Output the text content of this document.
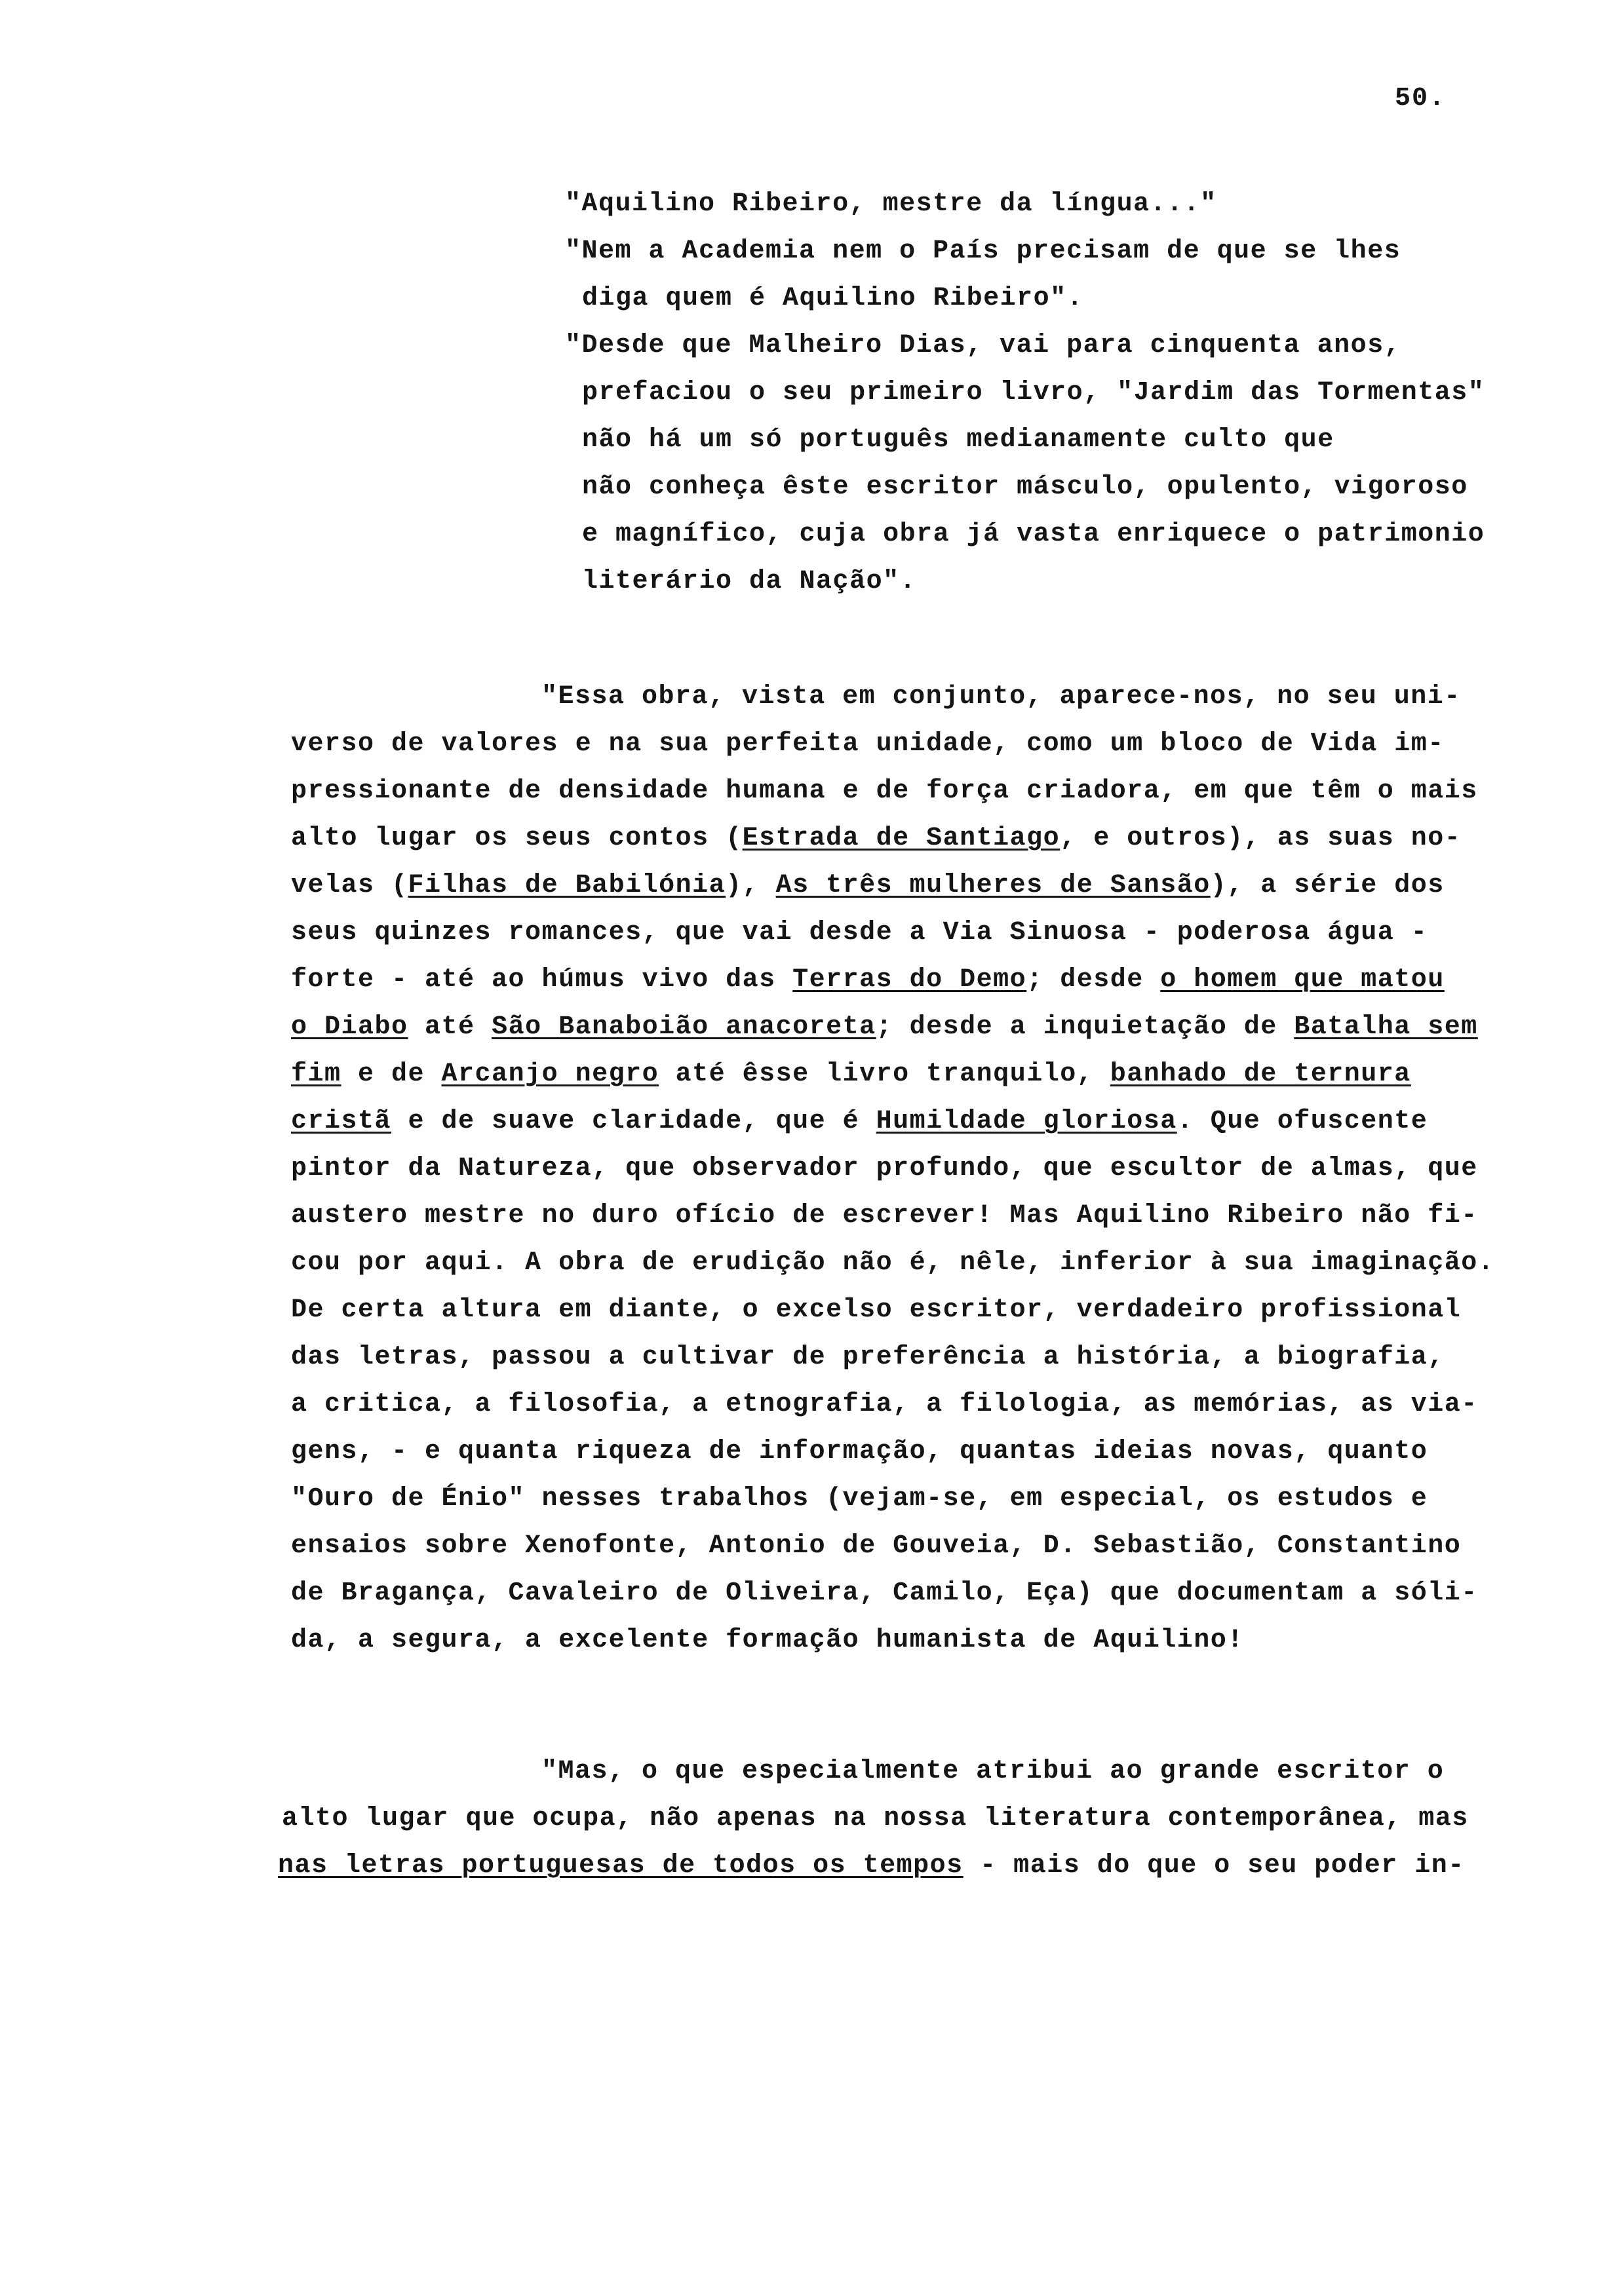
50.
"Aquilino Ribeiro, mestre da língua..."
"Nem a Academia nem o País precisam de que se lhes
diga quem é Aquilino Ribeiro".
"Desde que Malheiro Dias, vai para cinquenta anos,
prefaciou o seu primeiro livro, "Jardim das Tormentas"
não há um só português medianamente culto que
não conheça êste escritor másculo, opulento, vigoroso
e magnífico, cuja obra já vasta enriquece o patrimonio
literário da Nação".
"Essa obra, vista em conjunto, aparece-nos, no seu uni-
verso de valores e na sua perfeita unidade, como um bloco de Vida im-
pressionante de densidade humana e de força criadora, em que têm o mais
alto lugar os seus contos (Estrada de Santiago, e outros), as suas no-
velas (Filhas de Babilónia), As três mulheres de Sansão), a série dos
seus quinzes romances, que vai desde a Via Sinuosa - poderosa água -
forte - até ao húmus vivo das Terras do Demo; desde o homem que matou
o Diabo até São Banaboião anacoreta; desde a inquietação de Batalha sem
fim e de Arcanjo negro até êsse livro tranquilo, banhado de ternura
cristã e de suave claridade, que é Humildade gloriosa. Que ofuscente
pintor da Natureza, que observador profundo, que escultor de almas, que
austero mestre no duro ofício de escrever! Mas Aquilino Ribeiro não fi-
cou por aqui. A obra de erudição não é, nêle, inferior à sua imaginação.
De certa altura em diante, o excelso escritor, verdadeiro profissional
das letras, passou a cultivar de preferência a história, a biografia,
a critica, a filosofia, a etnografia, a filologia, as memórias, as via-
gens, - e quanta riqueza de informação, quantas ideias novas, quanto
"Ouro de Énio" nesses trabalhos (vejam-se, em especial, os estudos e
ensaios sobre Xenofonte, Antonio de Gouveia, D. Sebastião, Constantino
de Bragança, Cavaleiro de Oliveira, Camilo, Eça) que documentam a sóli-
da, a segura, a excelente formação humanista de Aquilino!
"Mas, o que especialmente atribui ao grande escritor o
alto lugar que ocupa, não apenas na nossa literatura contemporânea, mas
nas letras portuguesas de todos os tempos - mais do que o seu poder in-
